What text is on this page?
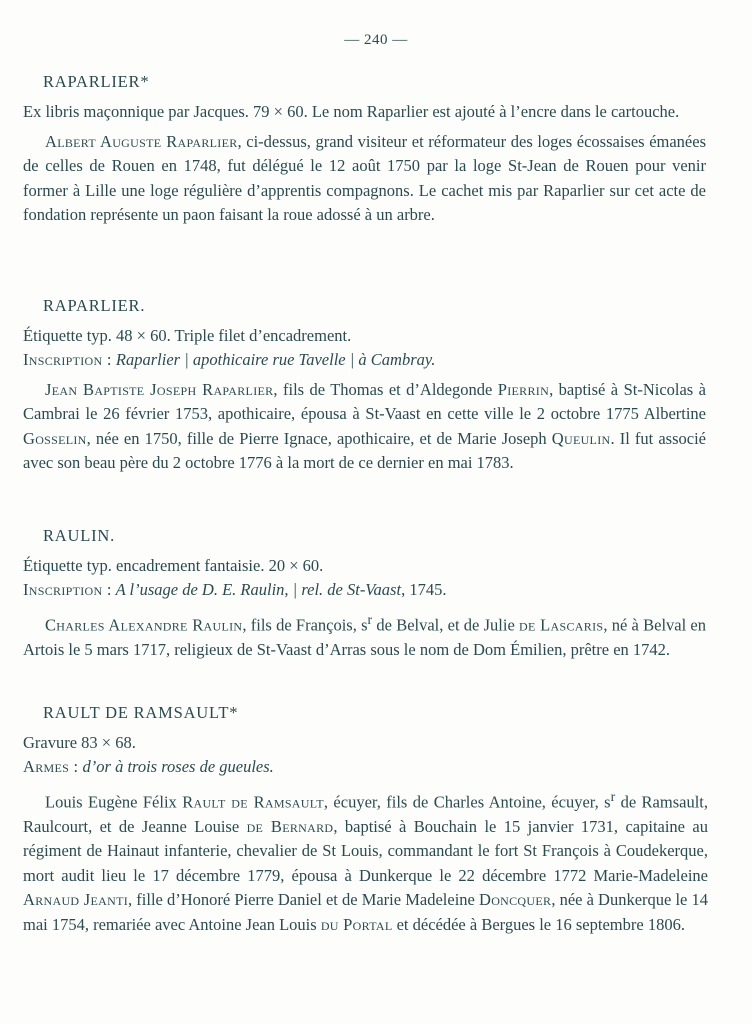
— 240 —
RAPARLIER*

Ex libris maçonnique par Jacques. 79 × 60. Le nom Raparlier est ajouté à l’encre dans le cartouche.

Albert Auguste Raparlier, ci-dessus, grand visiteur et réformateur des loges écossaises émanées de celles de Rouen en 1748, fut délégué le 12 août 1750 par la loge St-Jean de Rouen pour venir former à Lille une loge régulière d’apprentis compagnons. Le cachet mis par Raparlier sur cet acte de fondation représente un paon faisant la roue adossé à un arbre.

RAPARLIER.

Étiquette typ. 48 × 60. Triple filet d’encadrement.

Inscription : Raparlier | apothicaire rue Tavelle | à Cambray.

Jean Baptiste Joseph Raparlier, fils de Thomas et d’Aldegonde Pierrin, baptisé à St-Nicolas à Cambrai le 26 février 1753, apothicaire, épousa à St-Vaast en cette ville le 2 octobre 1775 Albertine Gosselin, née en 1750, fille de Pierre Ignace, apothicaire, et de Marie Joseph Queulin. Il fut associé avec son beau père du 2 octobre 1776 à la mort de ce dernier en mai 1783.

RAULIN.

Étiquette typ. encadrement fantaisie. 20 × 60.

Inscription : A l’usage de D. E. Raulin, | rel. de St-Vaast, 1745.

Charles Alexandre Raulin, fils de François, $s^r$ de Belval, et de Julie de Lascaris, né à Belval en Artois le 5 mars 1717, religieux de St-Vaast d’Arras sous le nom de Dom Émilien, prêtre en 1742.

RAULT DE RAMSAULT*

Gravure 83 × 68.

Armes : d’or à trois roses de gueules.

Louis Eugène Félix Rault de Ramsault, écuyer, fils de Charles Antoine, écuyer, $s^r$ de Ramsault, Raulcourt, et de Jeanne Louise de Bernard, baptisé à Bouchain le 15 janvier 1731, capitaine au régiment de Hainaut infanterie, chevalier de St Louis, commandant le fort St François à Coudekerque, mort audit lieu le 17 décembre 1779, épousa à Dunkerque le 22 décembre 1772 Marie-Madeleine Arnaud Jeanti, fille d’Honoré Pierre Daniel et de Marie Madeleine Doncquer, née à Dunkerque le 14 mai 1754, remariée avec Antoine Jean Louis du Portal et décédée à Bergues le 16 septembre 1806.
